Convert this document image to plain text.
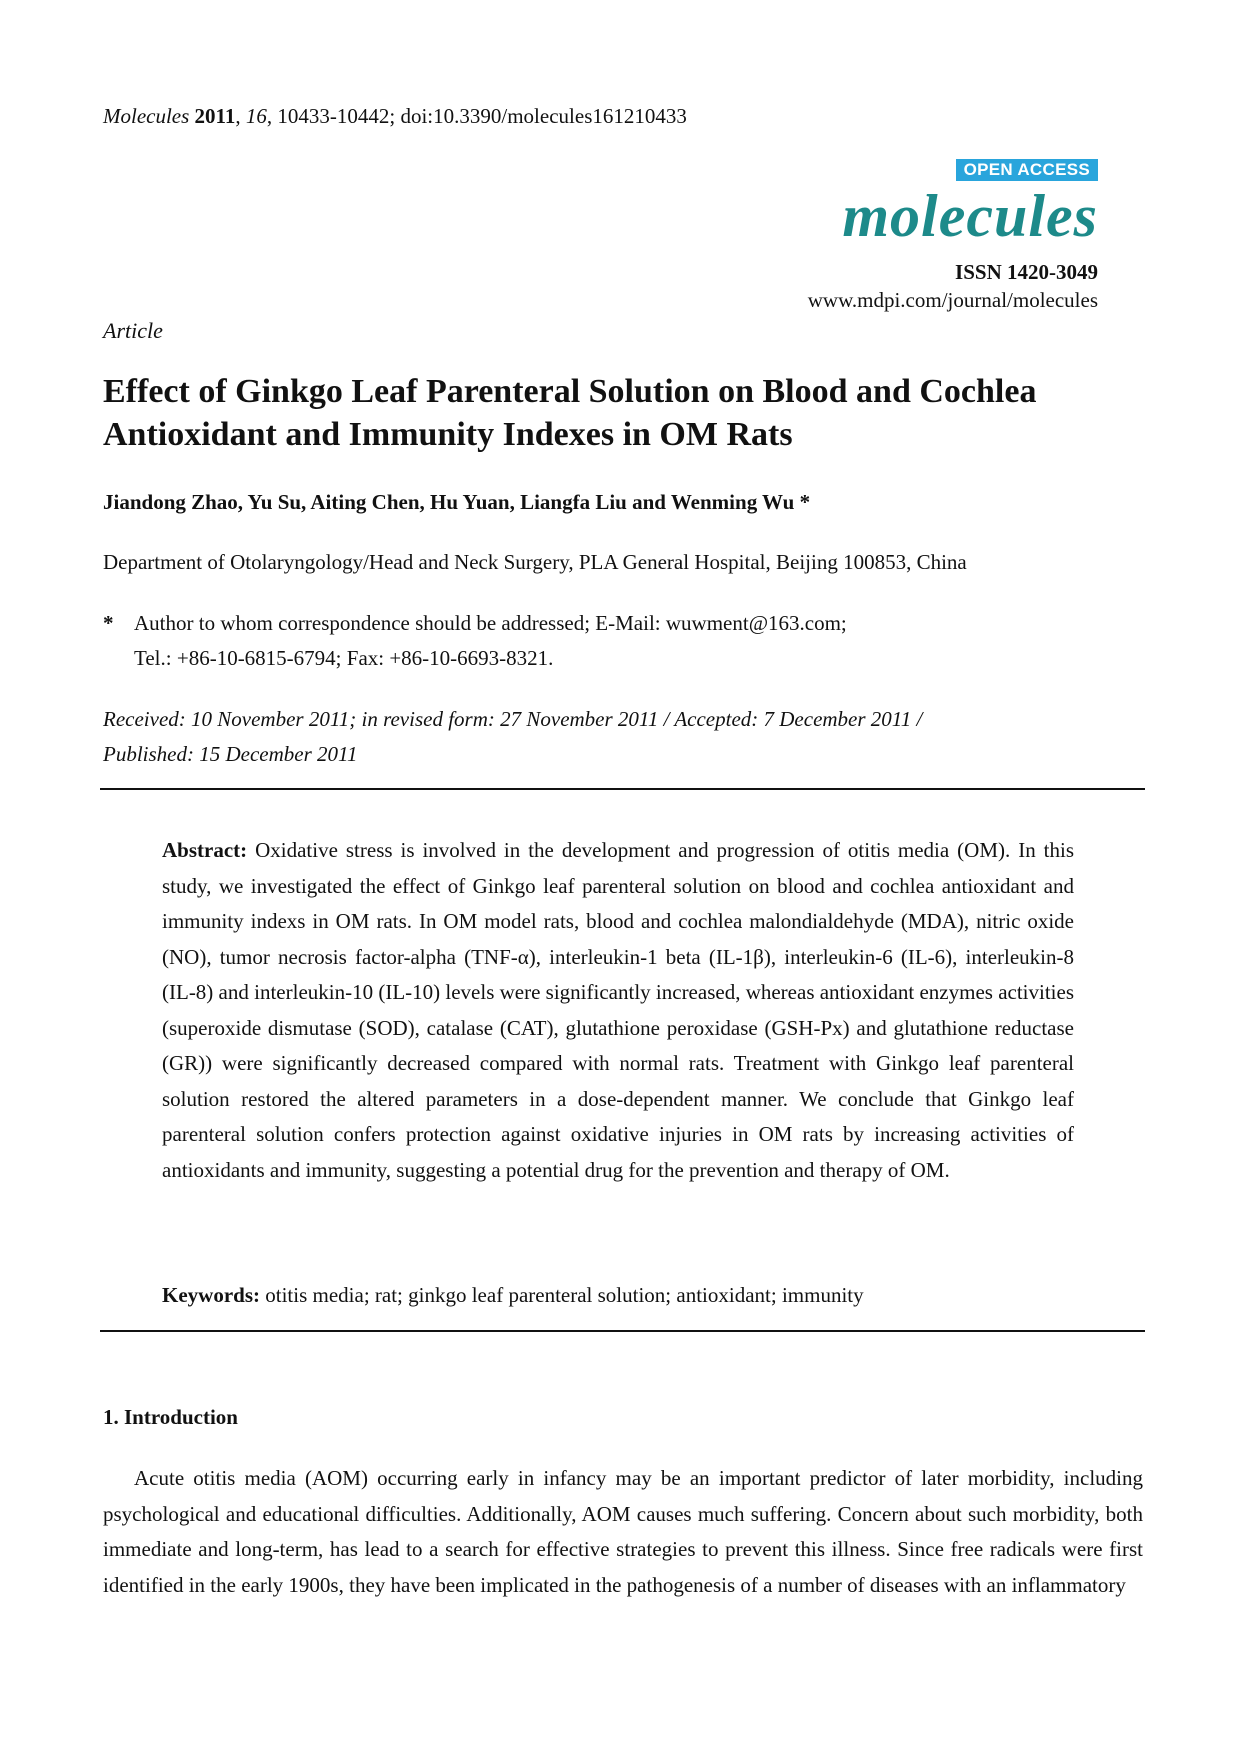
Molecules 2011, 16, 10433-10442; doi:10.3390/molecules161210433
OPEN ACCESS
molecules
ISSN 1420-3049
www.mdpi.com/journal/molecules
Article
Effect of Ginkgo Leaf Parenteral Solution on Blood and Cochlea
Antioxidant and Immunity Indexes in OM Rats
Jiandong Zhao, Yu Su, Aiting Chen, Hu Yuan, Liangfa Liu and Wenming Wu *
Department of Otolaryngology/Head and Neck Surgery, PLA General Hospital, Beijing 100853, China
* Author to whom correspondence should be addressed; E-Mail: wuwment@163.com;
Tel.: +86-10-6815-6794; Fax: +86-10-6693-8321.
Received: 10 November 2011; in revised form: 27 November 2011 / Accepted: 7 December 2011 /
Published: 15 December 2011

Abstract: Oxidative stress is involved in the development and progression of otitis media (OM). In this study, we investigated the effect of Ginkgo leaf parenteral solution on blood and cochlea antioxidant and immunity indexs in OM rats. In OM model rats, blood and cochlea malondialdehyde (MDA), nitric oxide (NO), tumor necrosis factor-alpha (TNF-α), interleukin-1 beta (IL-1β), interleukin-6 (IL-6), interleukin-8 (IL-8) and interleukin-10 (IL-10) levels were significantly increased, whereas antioxidant enzymes activities (superoxide dismutase (SOD), catalase (CAT), glutathione peroxidase (GSH-Px) and glutathione reductase (GR)) were significantly decreased compared with normal rats. Treatment with Ginkgo leaf parenteral solution restored the altered parameters in a dose-dependent manner. We conclude that Ginkgo leaf parenteral solution confers protection against oxidative injuries in OM rats by increasing activities of antioxidants and immunity, suggesting a potential drug for the prevention and therapy of OM.

Keywords: otitis media; rat; ginkgo leaf parenteral solution; antioxidant; immunity
1. Introduction

Acute otitis media (AOM) occurring early in infancy may be an important predictor of later morbidity, including psychological and educational difficulties. Additionally, AOM causes much suffering. Concern about such morbidity, both immediate and long-term, has lead to a search for effective strategies to prevent this illness. Since free radicals were first identified in the early 1900s, they have been implicated in the pathogenesis of a number of diseases with an inflammatory
